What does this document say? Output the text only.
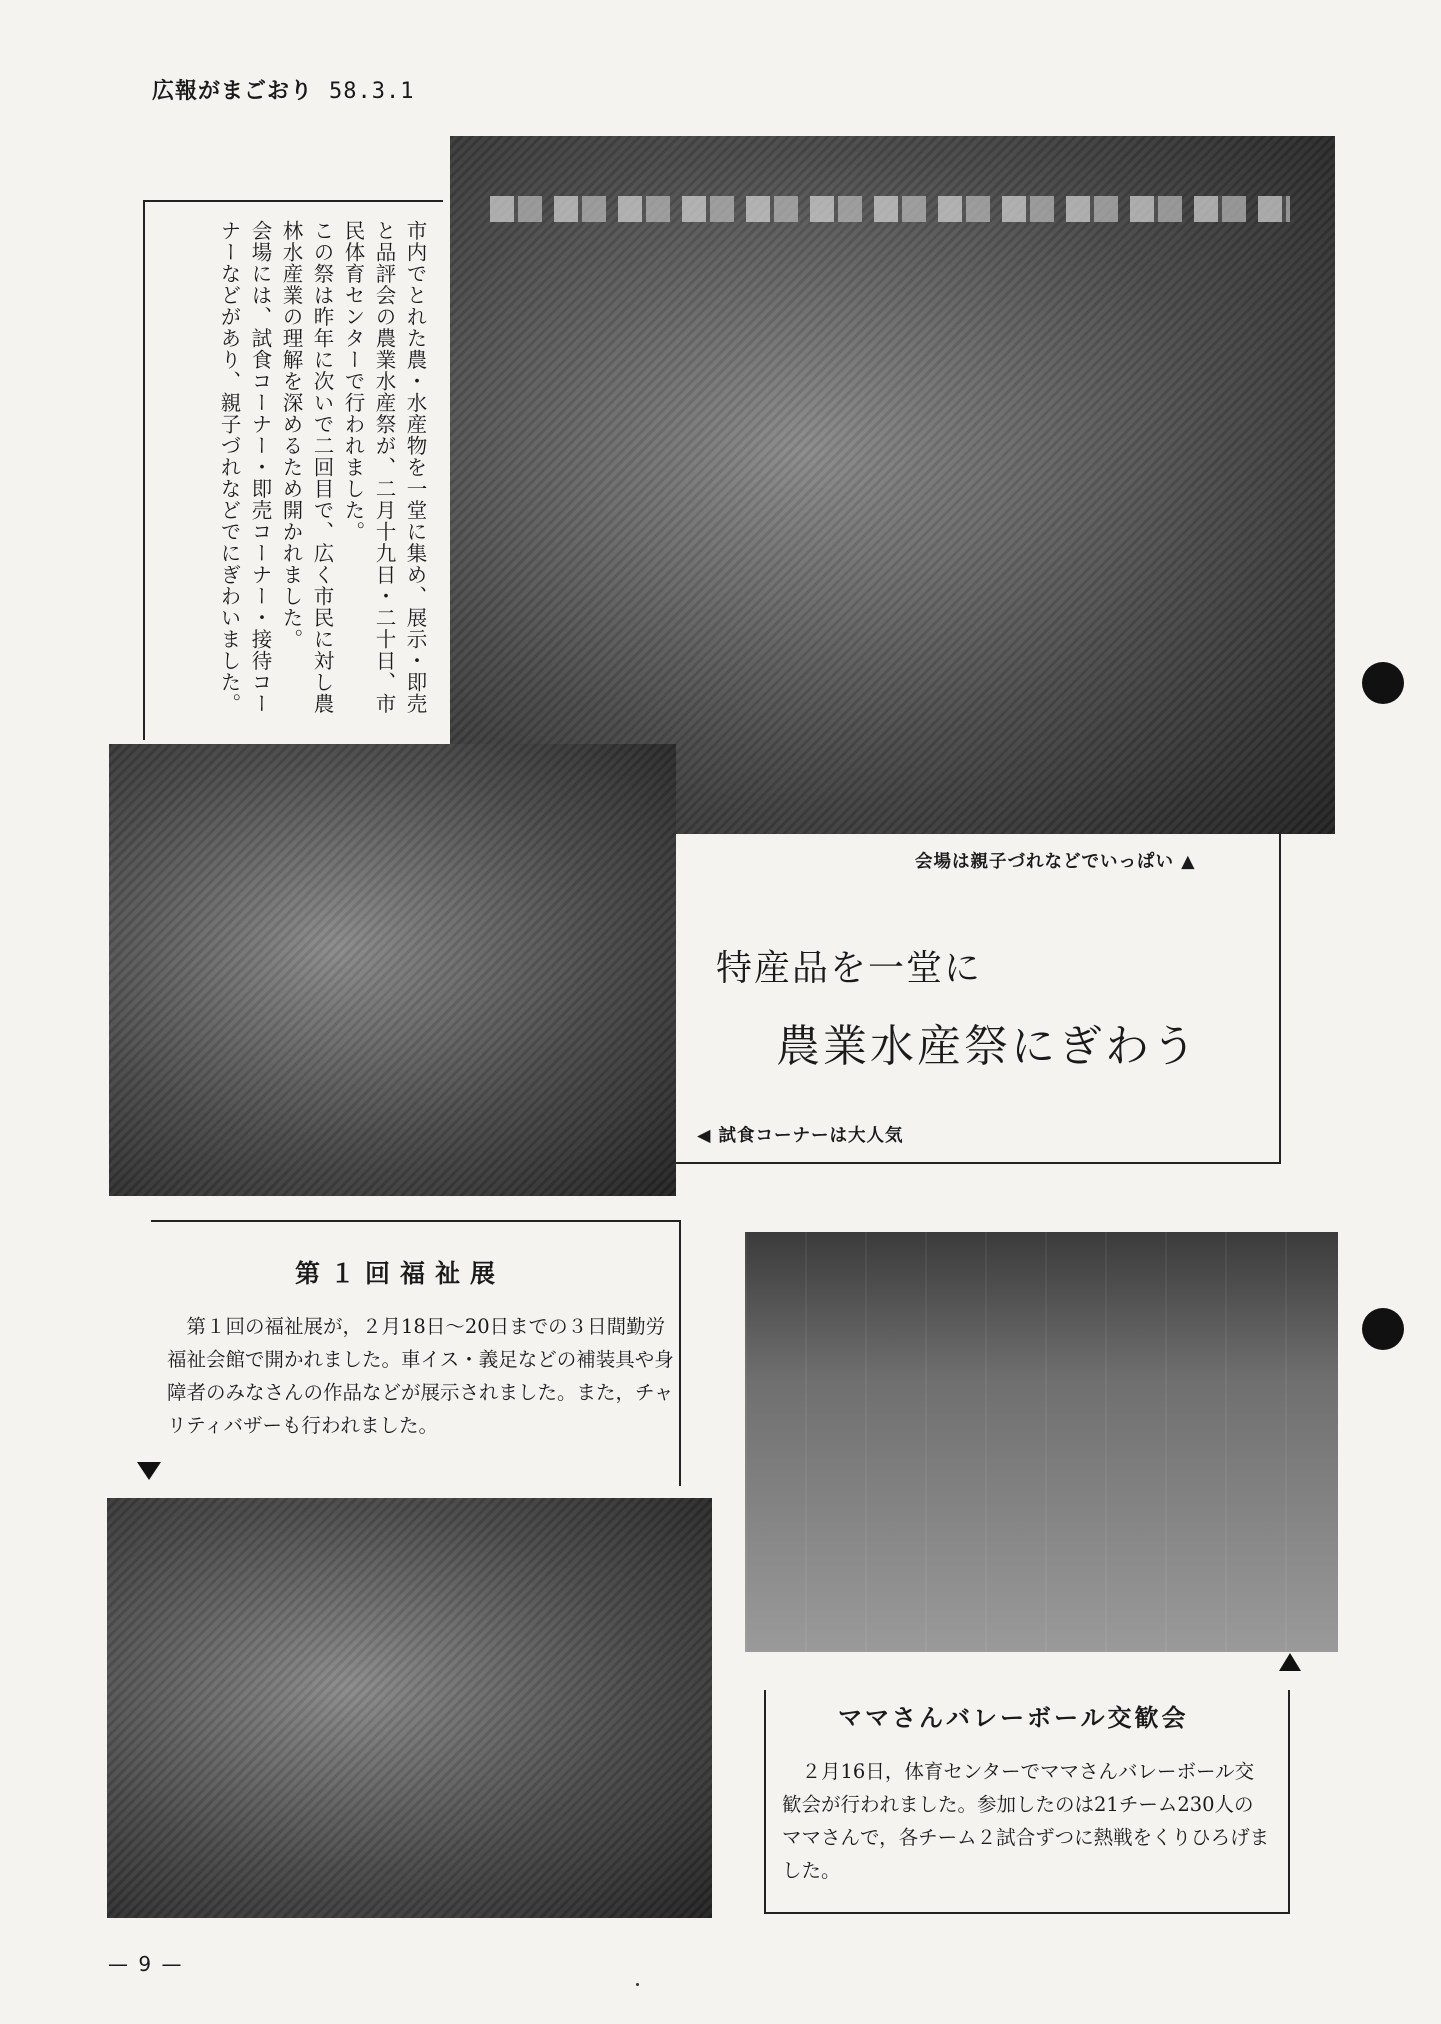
広報がまごおり 58.3.1

市内でとれた農・水産物を一堂に集め、展示・即売と品評会の農業水産祭が、二月十九日・二十日、市民体育センターで行われました。

この祭は昨年に次いで二回目で、広く市民に対し農林水産業の理解を深めるため開かれました。

会場には、試食コーナー・即売コーナー・接待コーナーなどがあり、親子づれなどでにぎわいました。

会場は親子づれなどでいっぱい ▲
特産品を一堂に
農業水産祭にぎわう
◀ 試食コーナーは大人気
第１回福祉展

第１回の福祉展が，２月18日～20日までの３日間勤労福祉会館で開かれました。車イス・義足などの補装具や身障者のみなさんの作品などが展示されました。また，チャリティバザーも行われました。

ママさんバレーボール交歓会

２月16日，体育センターでママさんバレーボール交歓会が行われました。参加したのは21チーム230人のママさんで，各チーム２試合ずつに熱戦をくりひろげました。

— 9 —
